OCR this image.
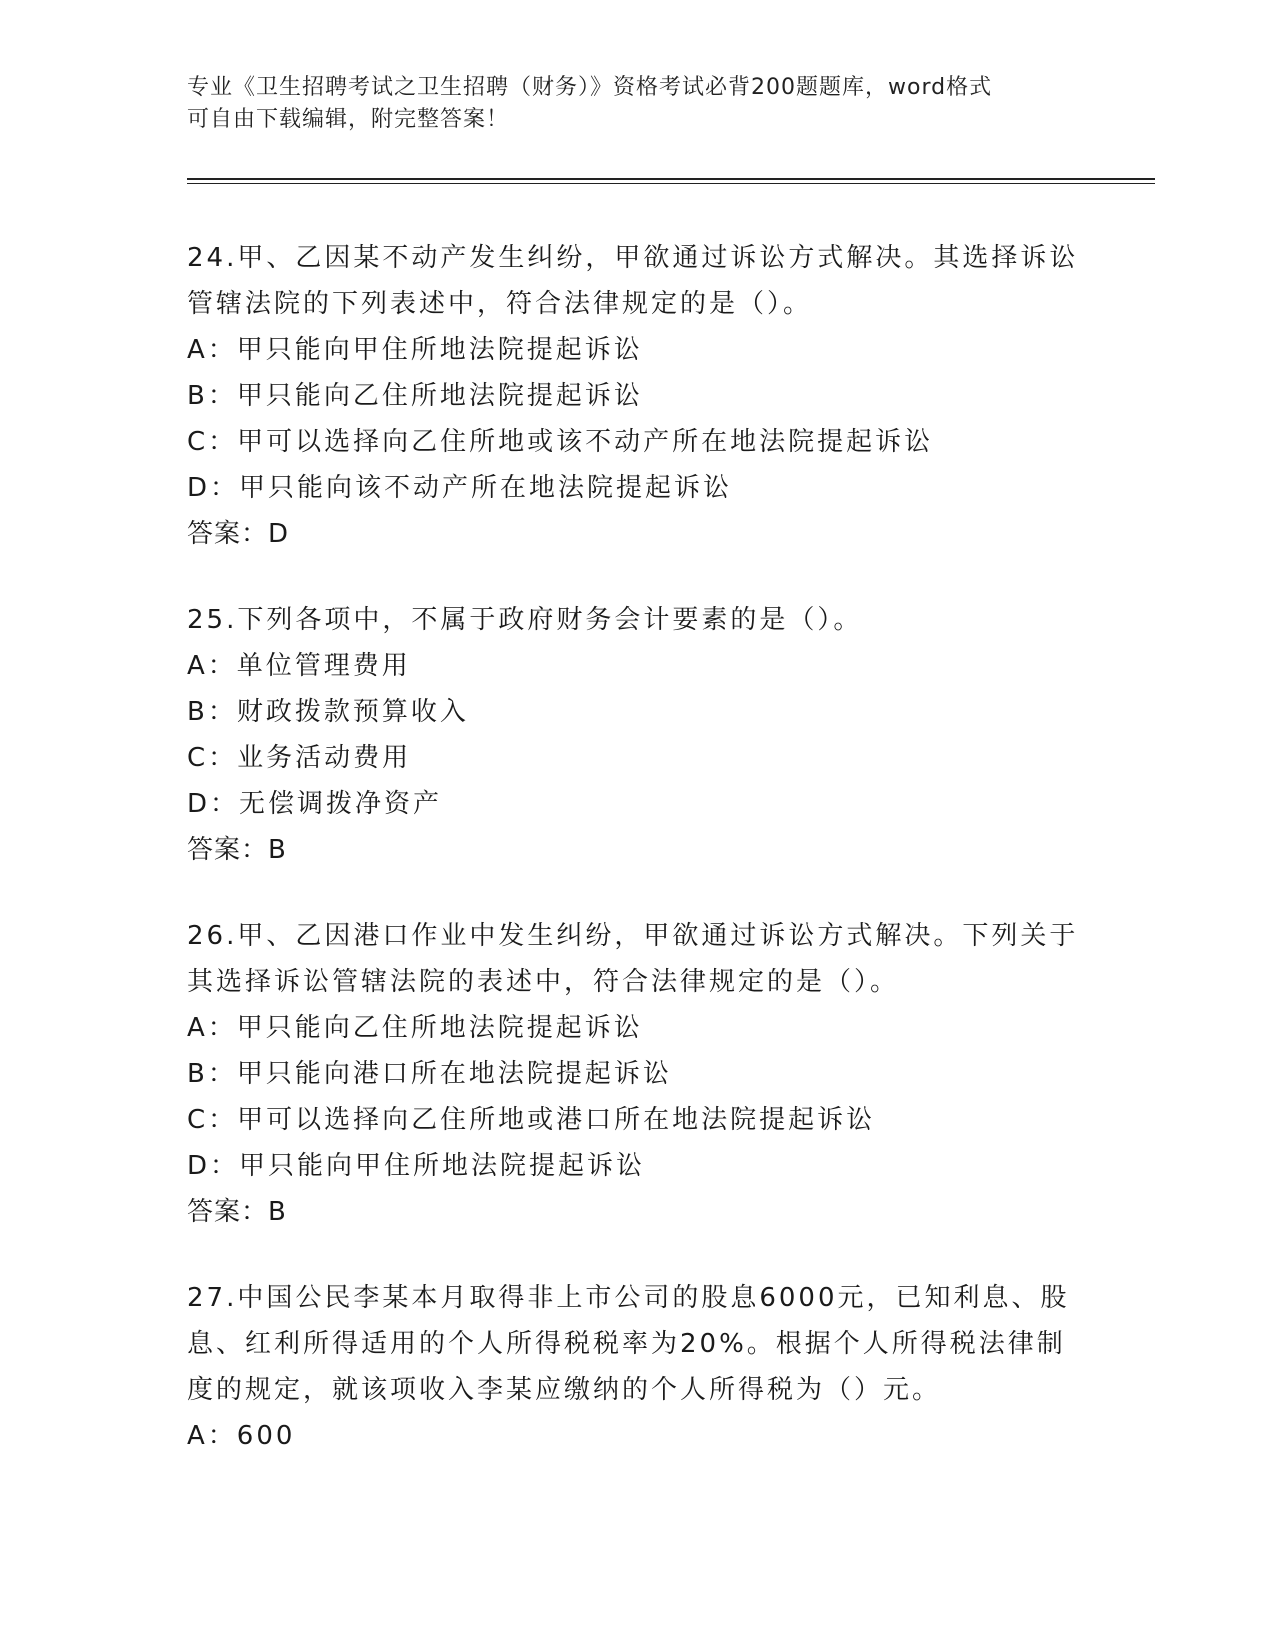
专业《卫生招聘考试之卫生招聘（财务）》资格考试必背200题题库，word格式
可自由下载编辑，附完整答案！

24.甲、乙因某不动产发生纠纷，甲欲通过诉讼方式解决。其选择诉讼管辖法院的下列表述中，符合法律规定的是（）。

A：甲只能向甲住所地法院提起诉讼

B：甲只能向乙住所地法院提起诉讼

C：甲可以选择向乙住所地或该不动产所在地法院提起诉讼

D：甲只能向该不动产所在地法院提起诉讼

答案：D

25.下列各项中，不属于政府财务会计要素的是（）。

A：单位管理费用

B：财政拨款预算收入

C：业务活动费用

D：无偿调拨净资产

答案：B

26.甲、乙因港口作业中发生纠纷，甲欲通过诉讼方式解决。下列关于其选择诉讼管辖法院的表述中，符合法律规定的是（）。

A：甲只能向乙住所地法院提起诉讼

B：甲只能向港口所在地法院提起诉讼

C：甲可以选择向乙住所地或港口所在地法院提起诉讼

D：甲只能向甲住所地法院提起诉讼

答案：B

27.中国公民李某本月取得非上市公司的股息6000元，已知利息、股息、红利所得适用的个人所得税税率为20%。根据个人所得税法律制度的规定，就该项收入李某应缴纳的个人所得税为（）元。

A：600
